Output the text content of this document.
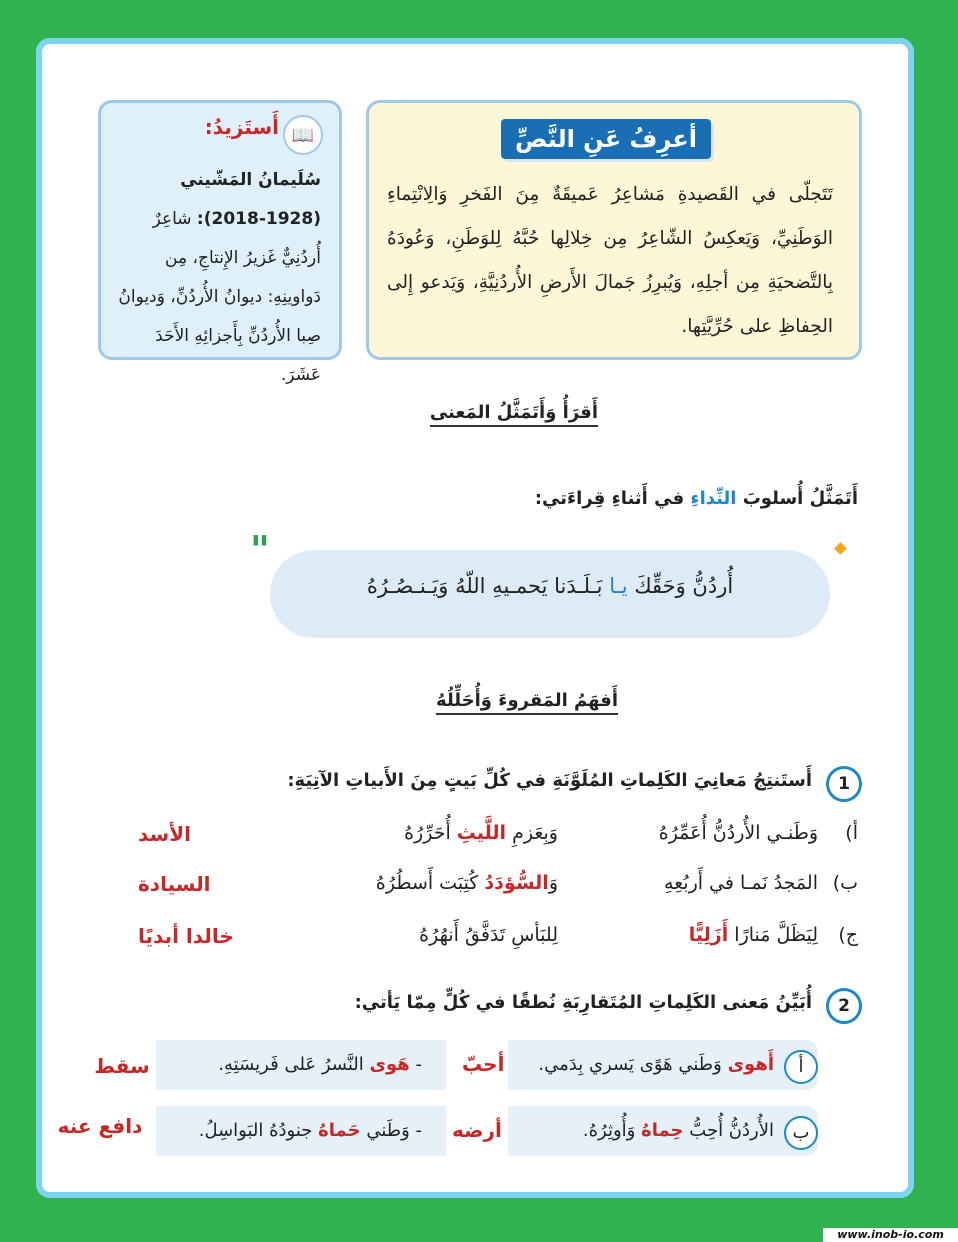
أعرِفُ عَنِ النَّصِّ
تَتَجلّى في القَصيدةِ مَشاعِرُ عَميقَةٌ مِنَ الفَخرِ وَالِانْتِماءِ الوَطَنِيِّ، وَيَعكِسُ الشّاعِرُ مِن خِلالِها حُبَّهُ لِلوَطَنِ، وَعُودَهُ بِالتَّضحيَةِ مِن أجلِهِ، وَيُبرِزُ جَمالَ الأَرضِ الأُردُنِيَّةِ، وَيَدعو إِلى الحِفاظِ على حُرِّيَّتِها.
📖
أَستَزيدُ:
سُلَيمانُ المَشّيني (1928-2018): شاعِرٌ أُردُنِيٌّ غَزيرُ الإِنتاجِ، مِن دَواوينِهِ: ديوانُ الأُردُنِّ، وَديوانُ صِبا الأُردُنِّ بِأَجزائِهِ الأَحَدَ عَشَرَ.
أَقرَأُ وَأَتَمَثَّلُ المَعنى
أَتَمَثَّلُ أُسلوبَ النِّداءِ في أَثناءِ قِراءَتي:
"
أُردُنُّ وَحَقِّكَ يـا بَـلَـدَنا يَحمـيهِ اللّهُ وَيَـنـصُـرُهُ
أَفهَمُ المَقروءَ وَأُحَلِّلُهُ
1
أَستَنتِجُ مَعانِيَ الكَلِماتِ المُلَوَّنَةِ في كُلِّ بَيتٍ مِنَ الأَبياتِ الآتِيَةِ:
أ)
وَطَنـي الأُردُنُّ أُعَمِّرُهُ
وَبِعَزمِ اللَّيثِ أُحَرِّرُهُ
الأسد
ب)
المَجدُ نَمـا في أَربُعِهِ
وَالسُّؤدَدُ كُتِبَت أَسطُرُهُ
السيادة
ج)
لِيَظَلَّ مَنارًا أَزَلِيًّا
لِلبَأسِ تَدَفَّقُ أَنهُرُهُ
خالدا أبديًا
2
أُبَيِّنُ مَعنى الكَلِماتِ المُتَقارِبَةِ نُطقًا في كُلٍّ مِمّا يَأتي:
أ
أَهوى وَطَني هَوًى يَسري بِدَمي.
أحبّ
- هَوى النَّسرُ عَلى فَريسَتِهِ.
سقط
ب
الأُردُنُّ أُحِبُّ حِماهُ وَأُوثِرُهُ.
أرضه
- وَطَني حَماهُ جنودُهُ البَواسِلُ.
دافع عنه
www.inob-io.com
